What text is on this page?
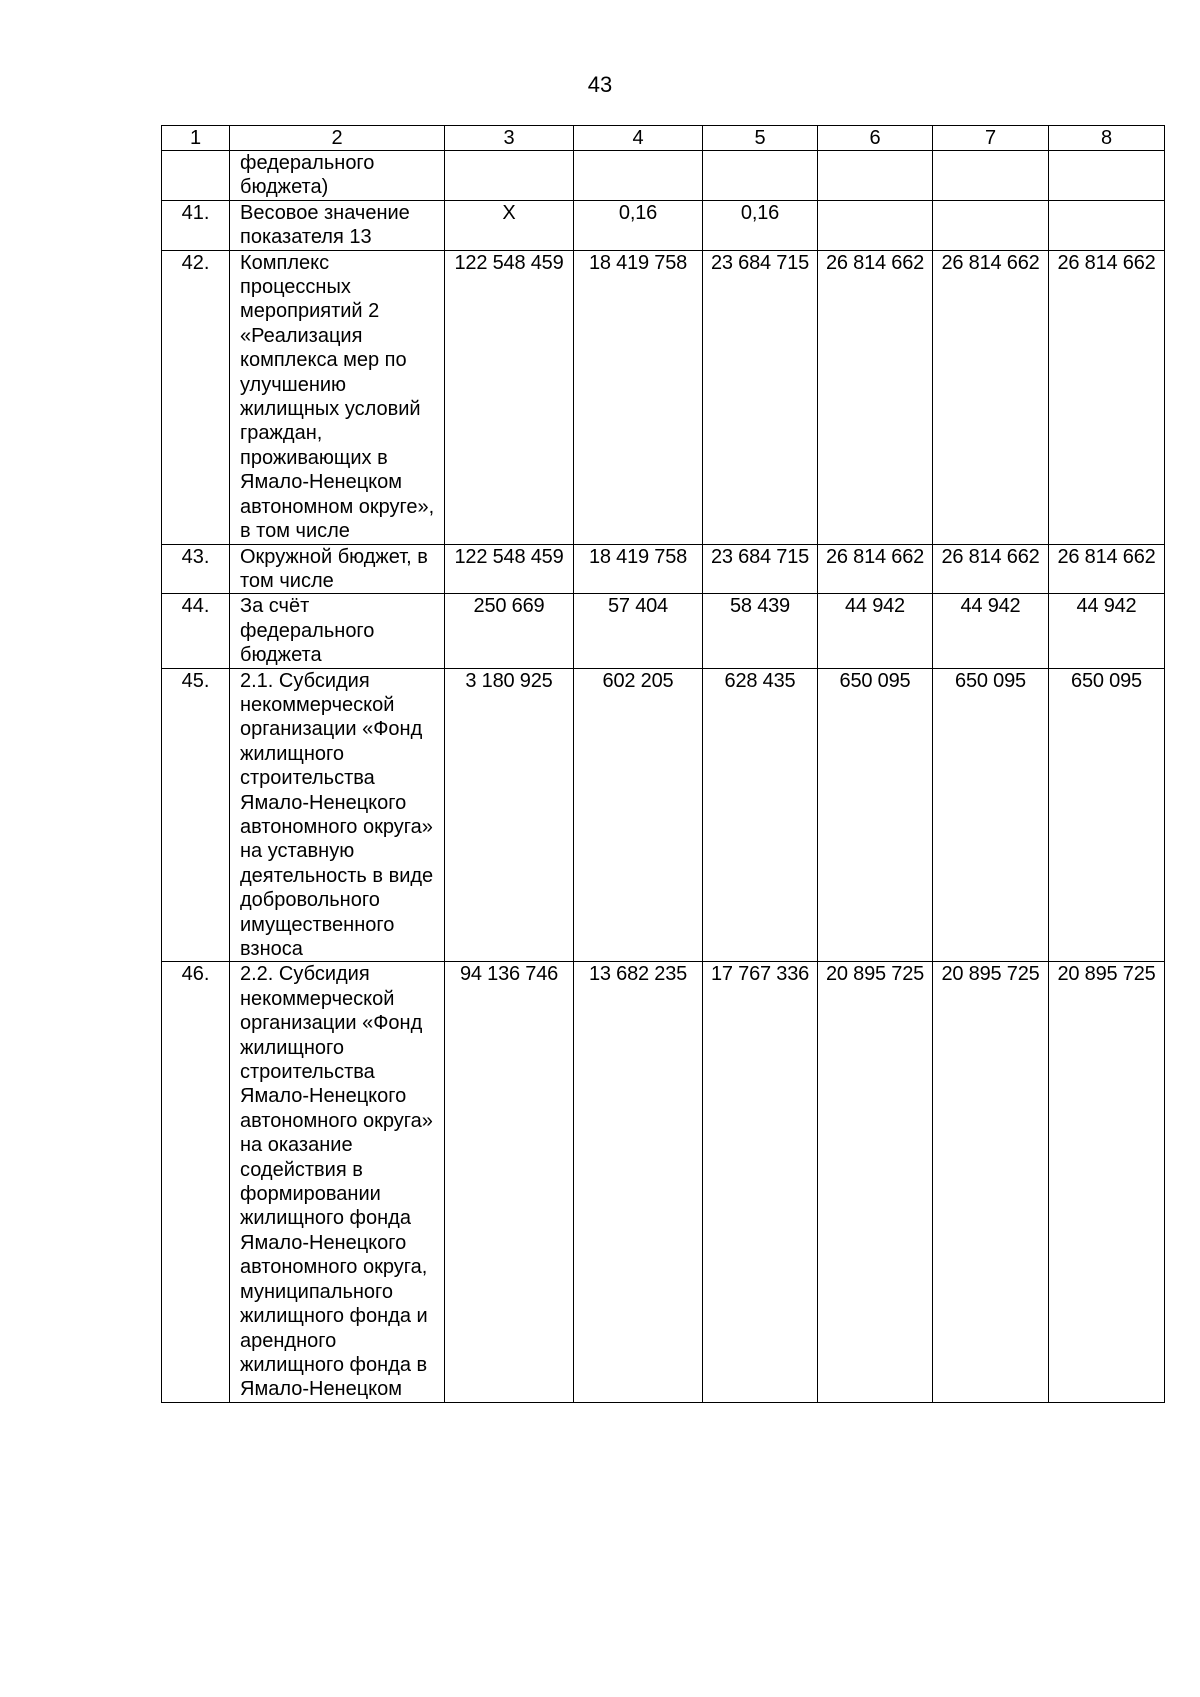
43
1	2	3	4	5	6	7	8
	федерального бюджета)						
41.	Весовое значение показателя 13	X	0,16	0,16			
42.	Комплекс процессных мероприятий 2 «Реализация комплекса мер по улучшению жилищных условий граждан, проживающих в Ямало-Ненецком автономном округе», в том числе	122 548 459	18 419 758	23 684 715	26 814 662	26 814 662	26 814 662
43.	Окружной бюджет, в том числе	122 548 459	18 419 758	23 684 715	26 814 662	26 814 662	26 814 662
44.	За счёт федерального бюджета	250 669	57 404	58 439	44 942	44 942	44 942
45.	2.1. Субсидия некоммерческой организации «Фонд жилищного строительства Ямало-Ненецкого автономного округа» на уставную деятельность в виде добровольного имущественного взноса	3 180 925	602 205	628 435	650 095	650 095	650 095
46.	2.2. Субсидия некоммерческой организации «Фонд жилищного строительства Ямало-Ненецкого автономного округа» на оказание содействия в формировании жилищного фонда Ямало-Ненецкого автономного округа, муниципального жилищного фонда и арендного жилищного фонда в Ямало-Ненецком	94 136 746	13 682 235	17 767 336	20 895 725	20 895 725	20 895 725
